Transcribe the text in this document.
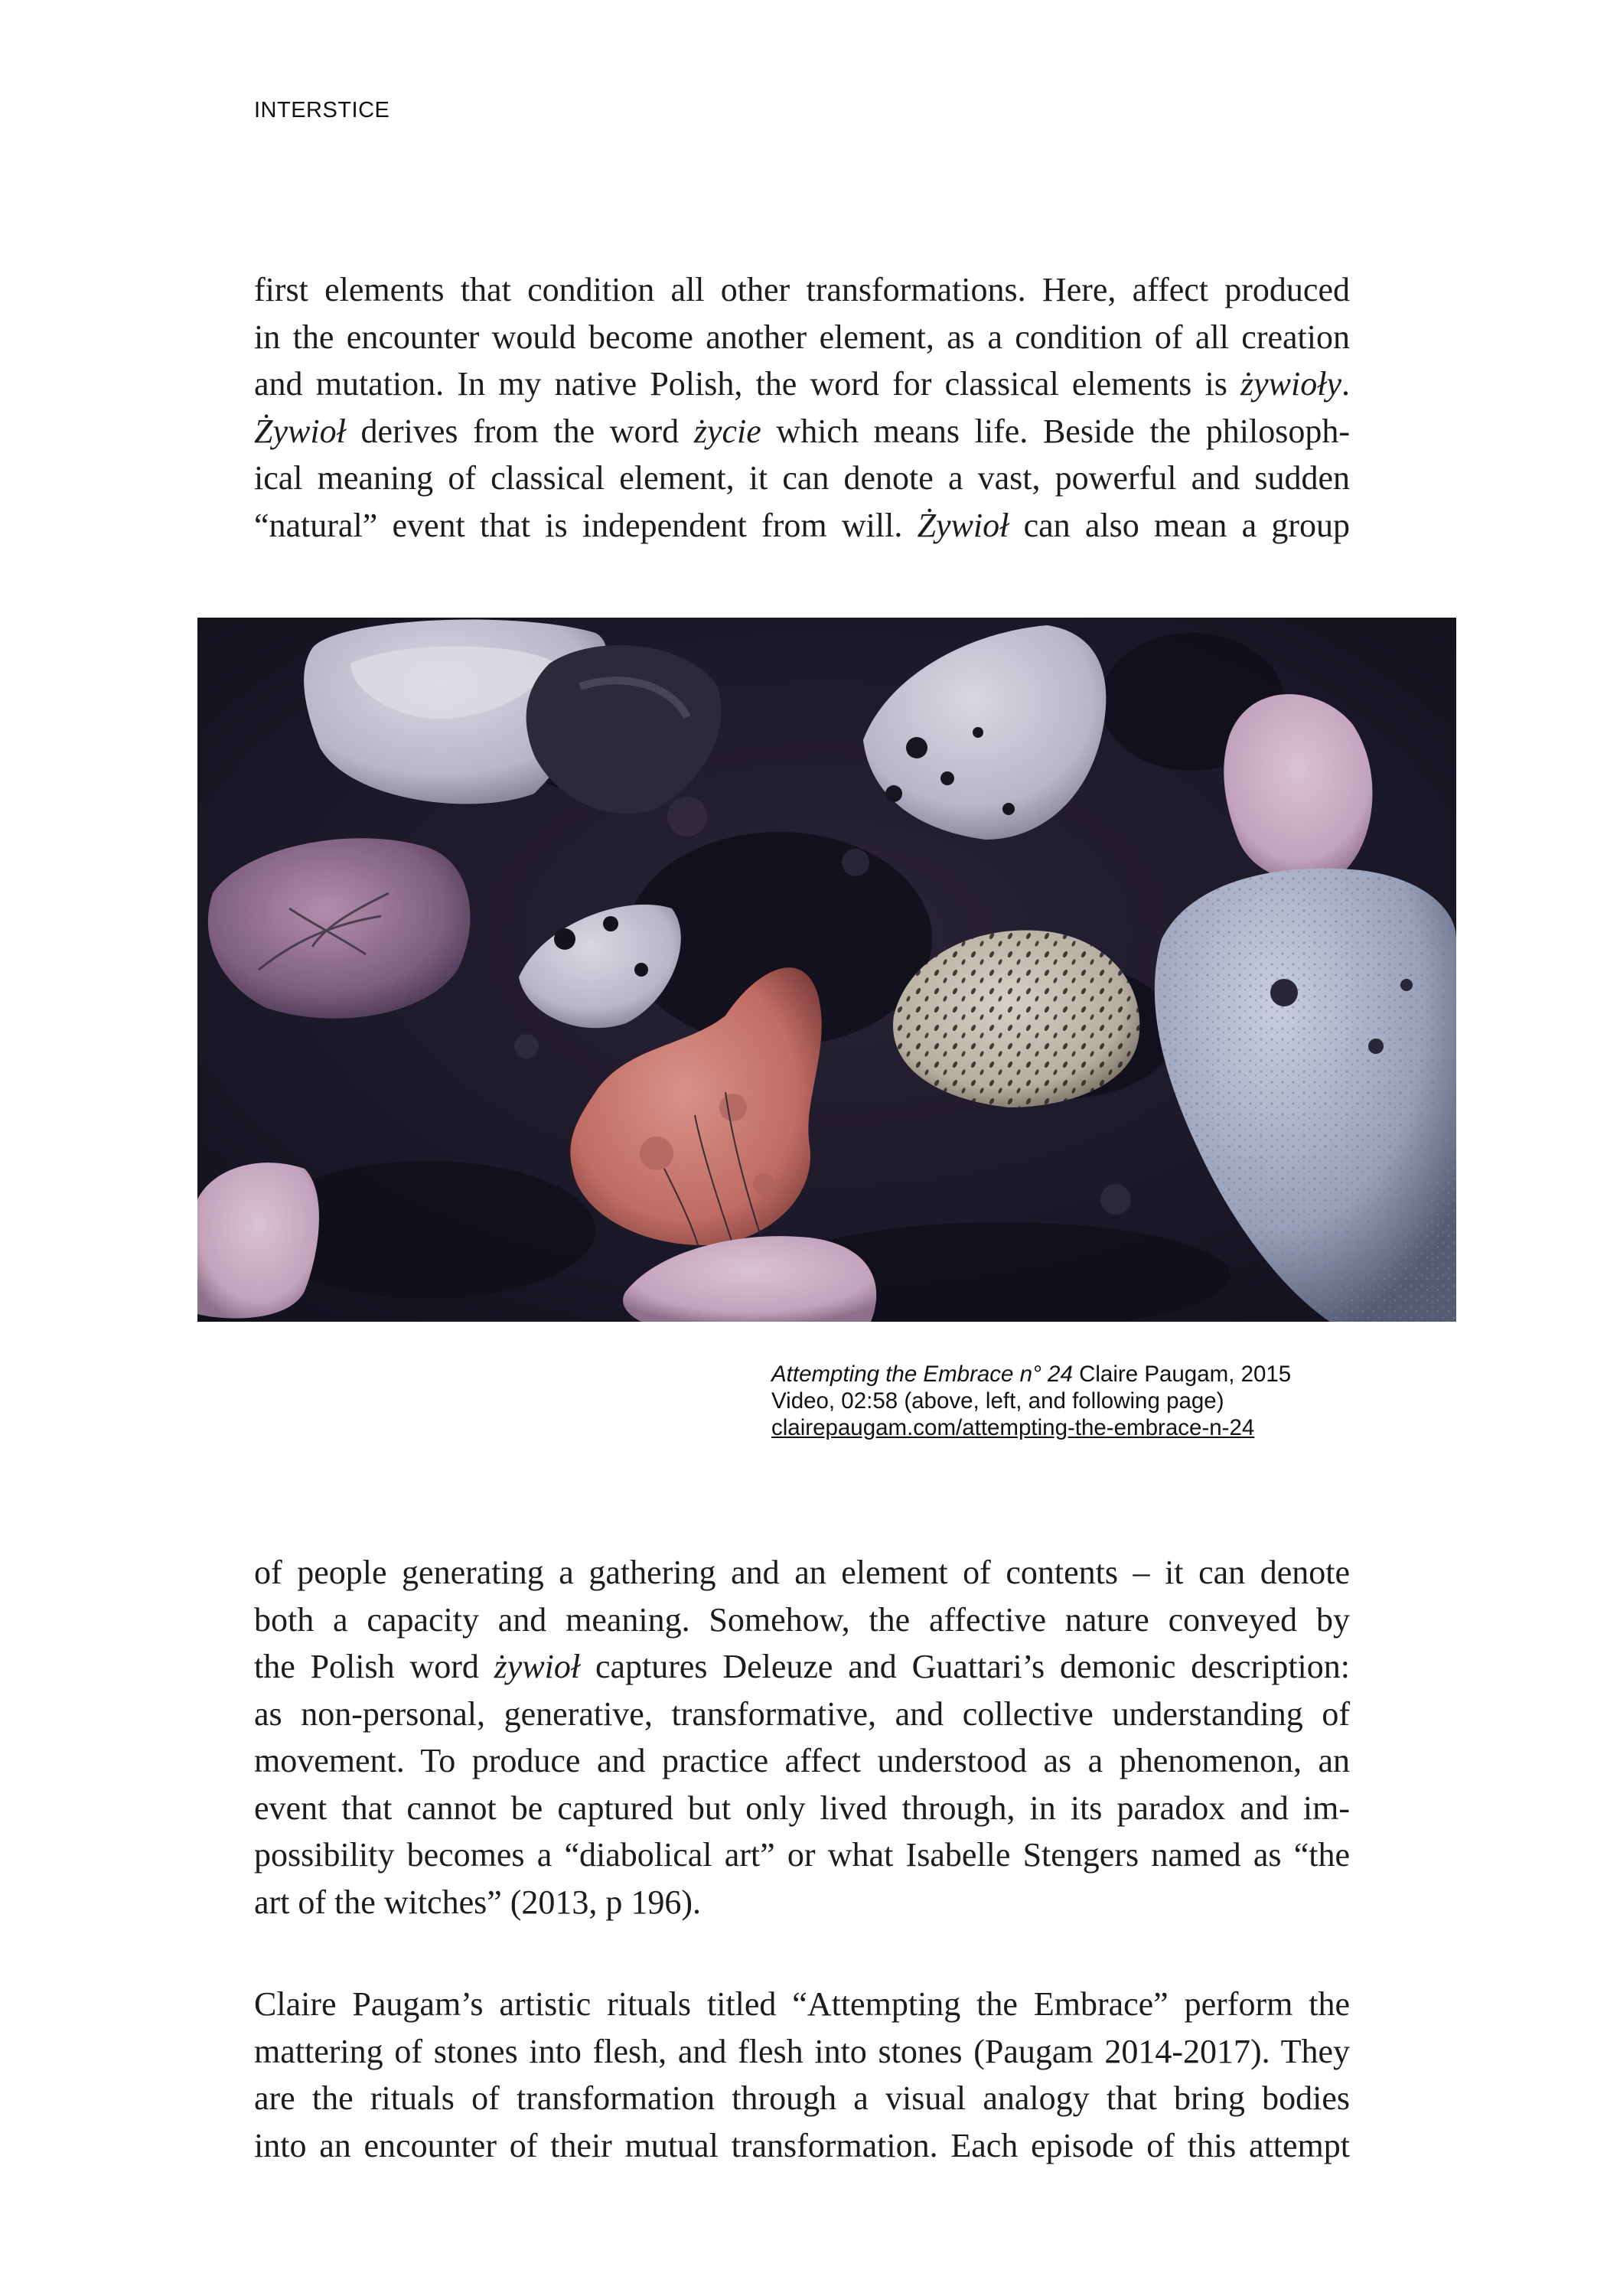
INTERSTICE
first elements that condition all other transformations. Here, affect produced
in the encounter would become another element, as a condition of all creation
and mutation. In my native Polish, the word for classical elements is żywioły.
Żywioł derives from the word życie which means life. Beside the philosoph-
ical meaning of classical element, it can denote a vast, powerful and sudden
“natural” event that is independent from will. Żywioł can also mean a group
Attempting the Embrace n° 24 Claire Paugam, 2015
Video, 02:58 (above, left, and following page)
clairepaugam.com/attempting-the-embrace-n-24
of people generating a gathering and an element of contents – it can denote
both a capacity and meaning. Somehow, the affective nature conveyed by
the Polish word żywioł captures Deleuze and Guattari’s demonic description:
as non-personal, generative, transformative, and collective understanding of
movement. To produce and practice affect understood as a phenomenon, an
event that cannot be captured but only lived through, in its paradox and im-
possibility becomes a “diabolical art” or what Isabelle Stengers named as “the
art of the witches” (2013, p 196).
Claire Paugam’s artistic rituals titled “Attempting the Embrace” perform the
mattering of stones into flesh, and flesh into stones (Paugam 2014-2017). They
are the rituals of transformation through a visual analogy that bring bodies
into an encounter of their mutual transformation. Each episode of this attempt
